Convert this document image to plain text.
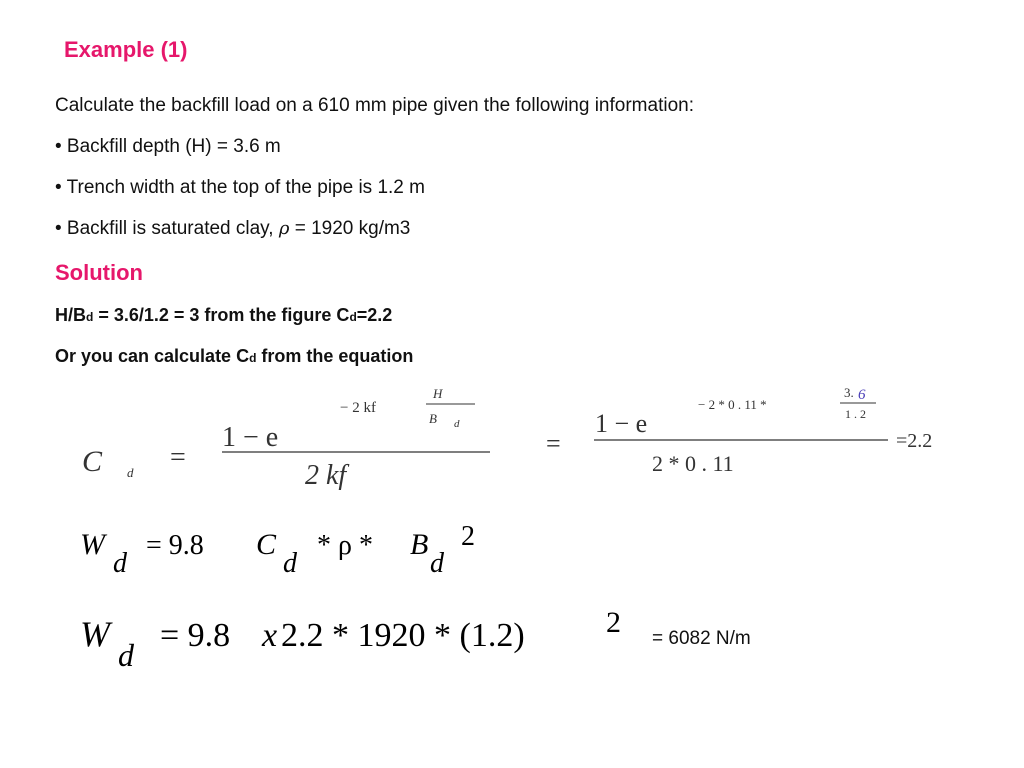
Example (1)
Calculate the backfill load on a 610 mm pipe given the following information:
• Backfill depth (H) = 3.6 m
• Trench width at the top of the pipe is 1.2 m
• Backfill is saturated clay, ρ = 1920 kg/m3
Solution
H/Bd = 3.6/1.2 = 3 from the figure Cd=2.2
Or you can calculate Cd from the equation
C d =
1 − e
− 2 kf
H
B d
2 kf
=
1 − e
− 2 * 0 . 11 *
3. 6
1 . 2
2 * 0 . 11
=2.2
W
d
= 9.8 C
d
* ρ * B
d
2
W
d
= 9.8 x 2.2 * 1920 * (1.2)	2 = 6082 N/m
